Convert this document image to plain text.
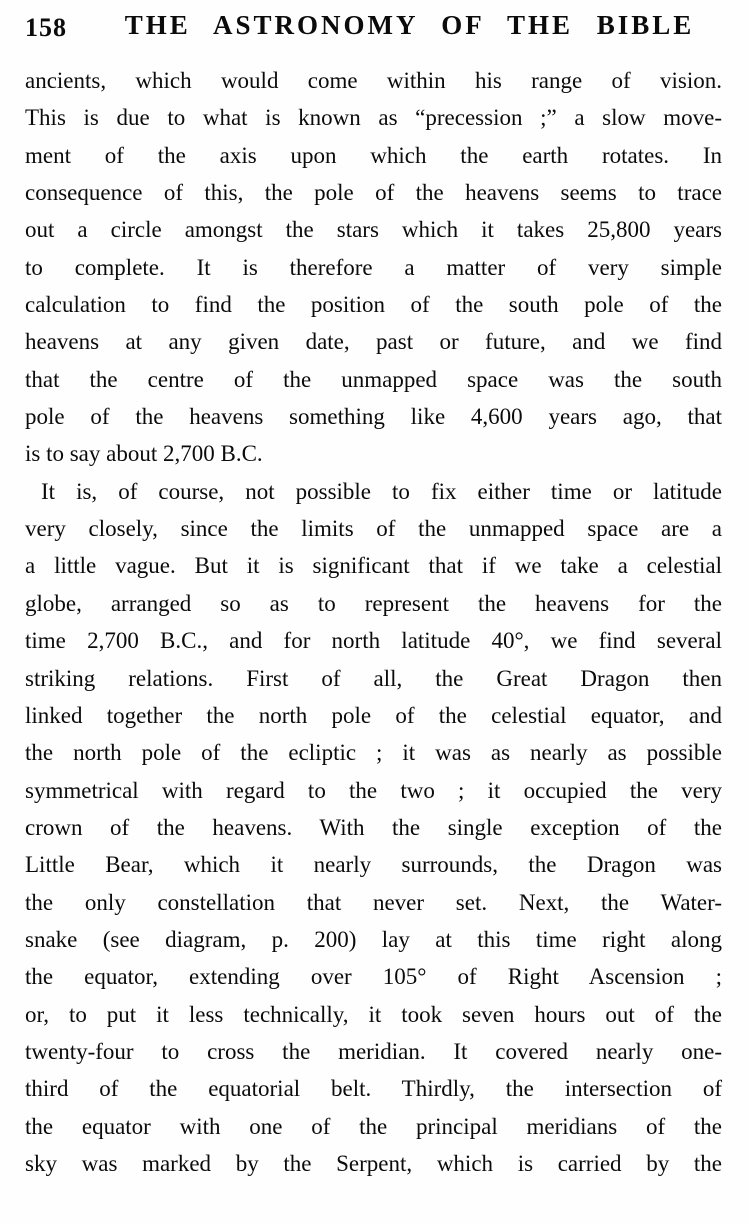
158	THE ASTRONOMY OF THE BIBLE
ancients, which would come within his range of vision.
This is due to what is known as “precession ;” a slow move-
ment of the axis upon which the earth rotates. In
consequence of this, the pole of the heavens seems to trace
out a circle amongst the stars which it takes 25,800 years
to complete. It is therefore a matter of very simple
calculation to find the position of the south pole of the
heavens at any given date, past or future, and we find
that the centre of the unmapped space was the south
pole of the heavens something like 4,600 years ago, that
is to say about 2,700 B.C.
It is, of course, not possible to fix either time or latitude
very closely, since the limits of the unmapped space are a
a little vague. But it is significant that if we take a celestial
globe, arranged so as to represent the heavens for the
time 2,700 B.C., and for north latitude 40°, we find several
striking relations. First of all, the Great Dragon then
linked together the north pole of the celestial equator, and
the north pole of the ecliptic ; it was as nearly as possible
symmetrical with regard to the two ; it occupied the very
crown of the heavens. With the single exception of the
Little Bear, which it nearly surrounds, the Dragon was
the only constellation that never set. Next, the Water-
snake (see diagram, p. 200) lay at this time right along
the equator, extending over 105° of Right Ascension ;
or, to put it less technically, it took seven hours out of the
twenty-four to cross the meridian. It covered nearly one-
third of the equatorial belt. Thirdly, the intersection of
the equator with one of the principal meridians of the
sky was marked by the Serpent, which is carried by the
